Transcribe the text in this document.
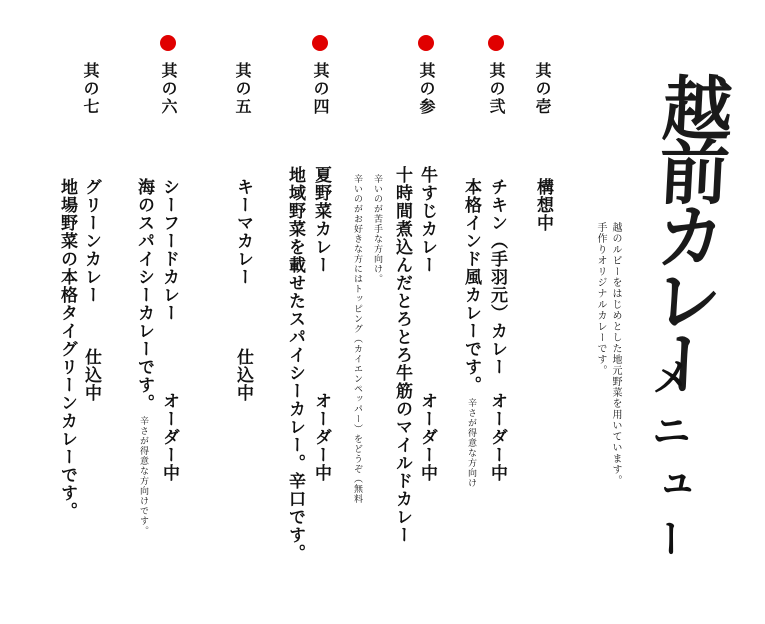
越前カレー
越のルビーをはじめとした地元野菜を用いています。
手作りオリジナルカレーです。
メニュー
其の壱
構想中
其の弐
チキン（手羽元）カレー
オーダー中
本格インド風カレーです。
辛さが得意な方向け
其の参
牛すじカレー
オーダー中
十時間煮込んだとろとろ牛筋のマイルドカレー
辛いのが苦手な方向け。
辛いのがお好きな方にはトッピング（カイエンペッパー）をどうぞ（無料
其の四
夏野菜カレー
オーダー中
地域野菜を載せたスパイシーカレー。辛口です。
其の五
キーマカレー
仕込中
其の六
シーフードカレー
オーダー中
海のスパイシーカレーです。
辛さが得意な方向けです。
其の七
グリーンカレー
仕込中
地場野菜の本格タイグリーンカレーです。
